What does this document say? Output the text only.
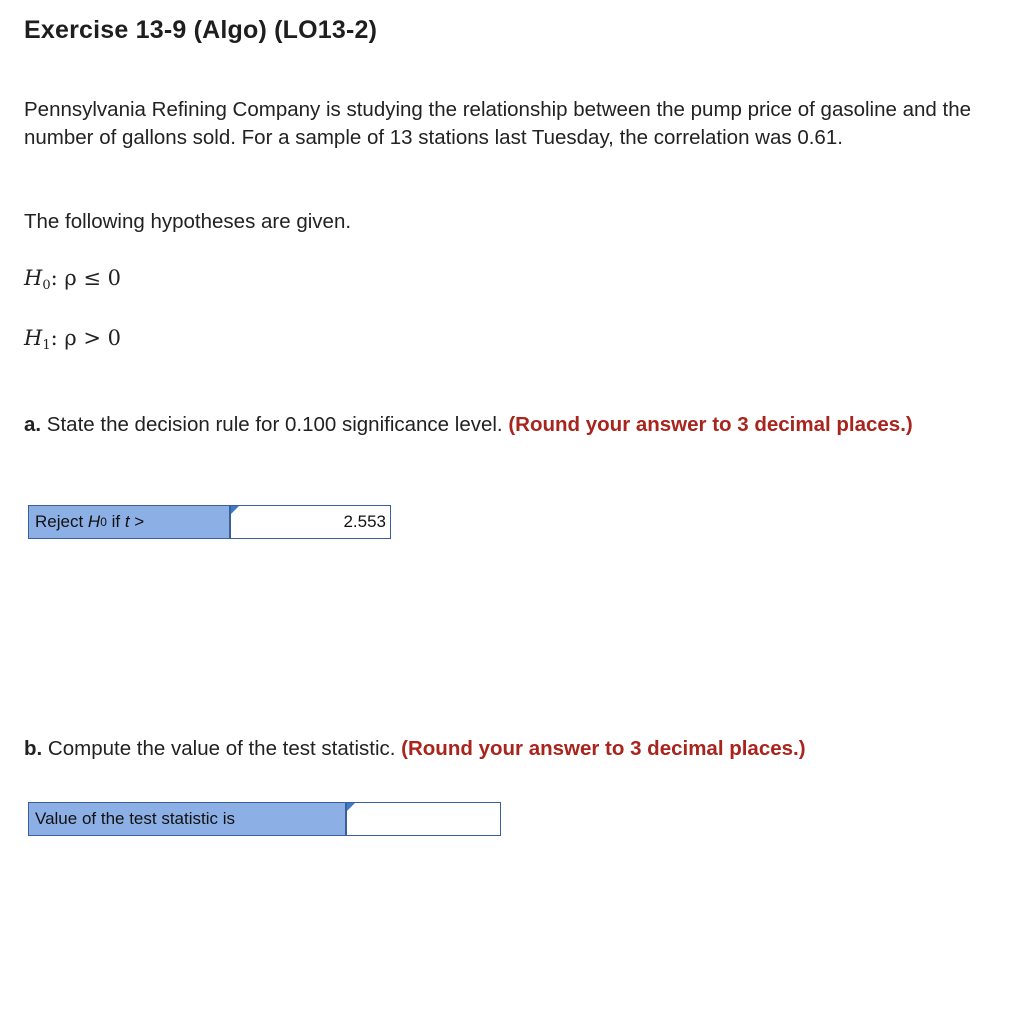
Exercise 13-9 (Algo) (LO13-2)
Pennsylvania Refining Company is studying the relationship between the pump price of gasoline and the number of gallons sold. For a sample of 13 stations last Tuesday, the correlation was 0.61.
The following hypotheses are given.
$H_0$: ρ ≤ 0
$H_1$: ρ > 0
a. State the decision rule for 0.100 significance level. (Round your answer to 3 decimal places.)
Reject H 0 if t >	2.553
b. Compute the value of the test statistic. (Round your answer to 3 decimal places.)
Value of the test statistic is
